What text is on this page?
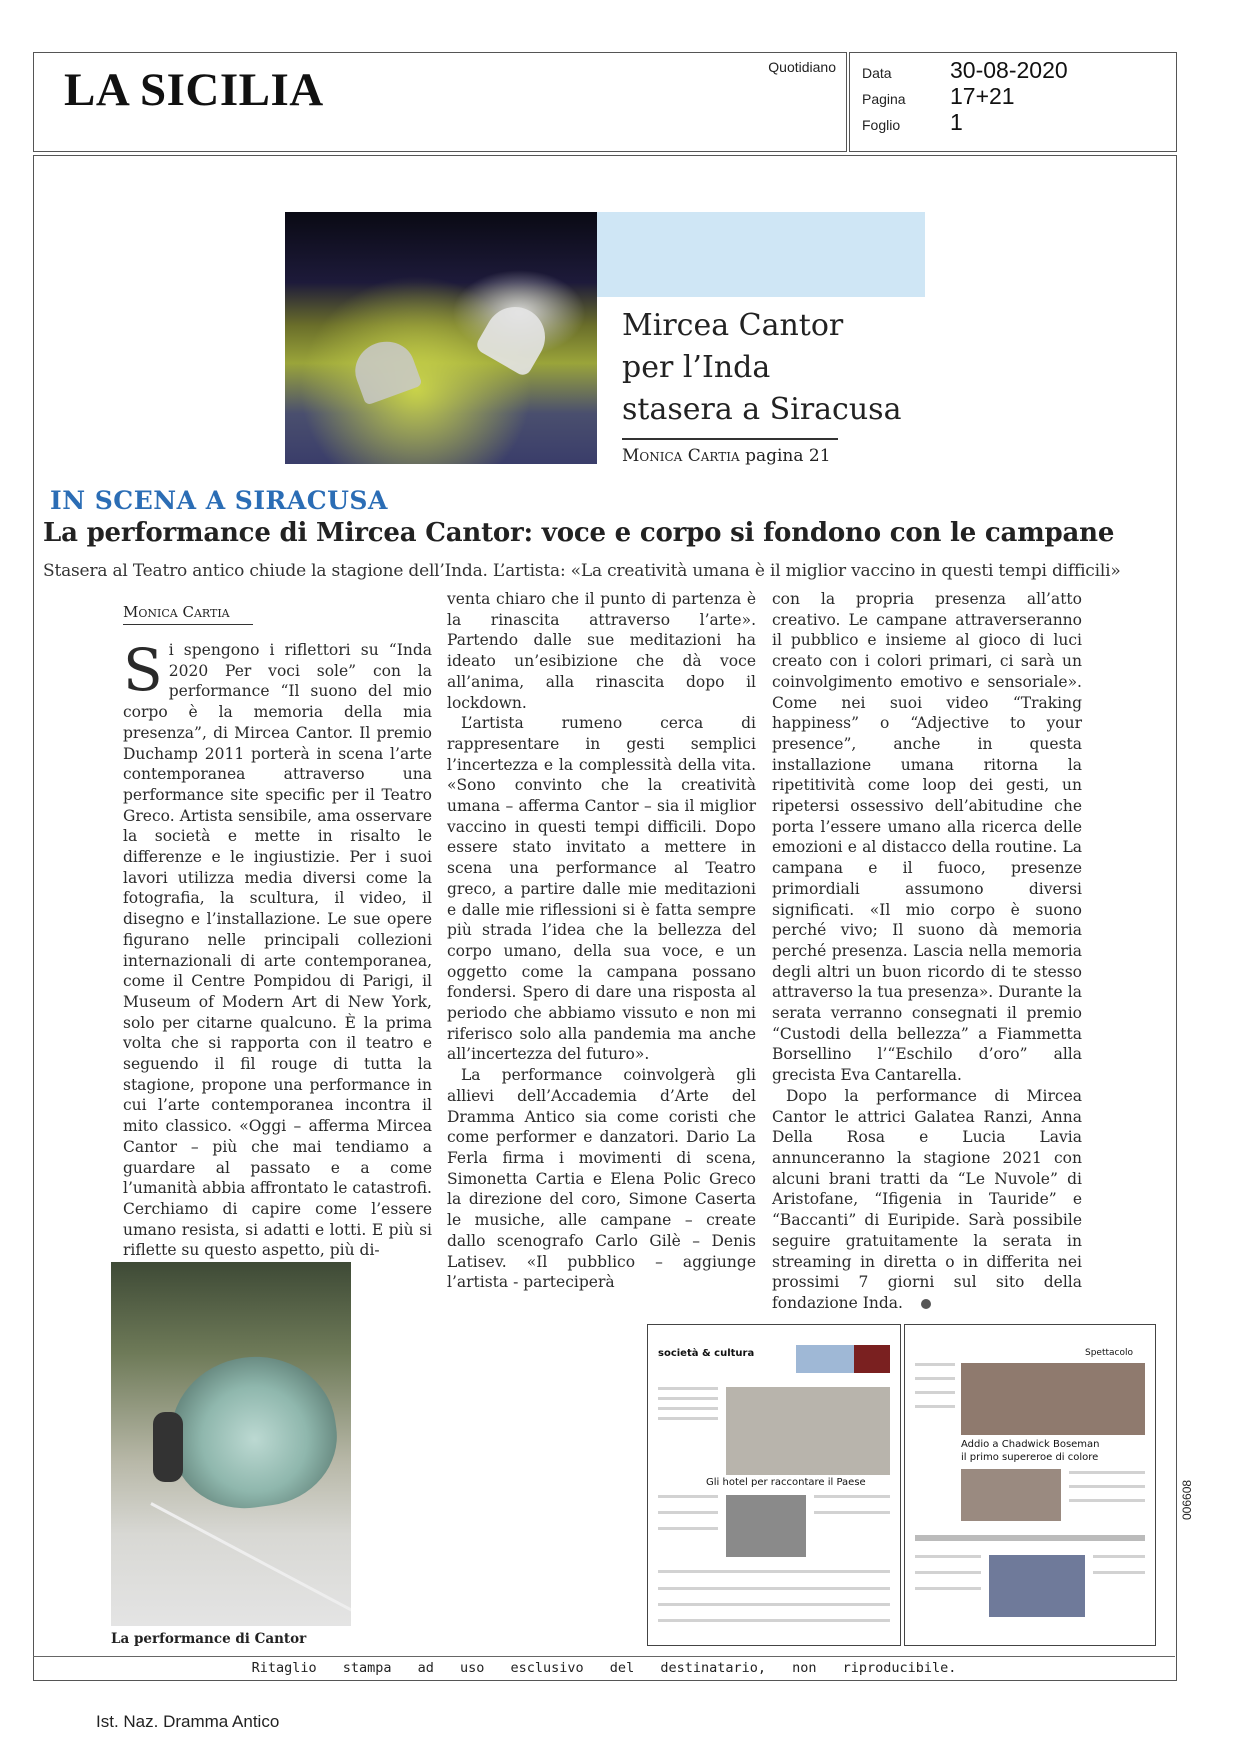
LA SICILIA	Quotidiano Data	30-08-2020
Pagina 17+21
Foglio 1
Mircea Cantor
per l’Inda
stasera a Siracusa
Monica Cartia pagina 21
IN SCENA A SIRACUSA
La performance di Mircea Cantor: voce e corpo si fondono con le campane
Stasera al Teatro antico chiude la stagione dell’Inda. L’artista: «La creatività umana è il miglior vaccino in questi tempi difficili»
Monica Cartia

Si spengono i riflettori su “Inda 2020 Per voci sole” con la performance “Il suono del mio corpo è la memoria della mia presenza”, di Mircea Cantor. Il premio Duchamp 2011 porterà in scena l’arte contemporanea attraverso una performance site specific per il Teatro Greco. Artista sensibile, ama osservare la società e mette in risalto le differenze e le ingiustizie. Per i suoi lavori utilizza media diversi come la fotografia, la scultura, il video, il disegno e l’installazione. Le sue opere figurano nelle principali collezioni internazionali di arte contemporanea, come il Centre Pompidou di Parigi, il Museum of Modern Art di New York, solo per citarne qualcuno. È la prima volta che si rapporta con il teatro e seguendo il fil rouge di tutta la stagione, propone una performance in cui l’arte contemporanea incontra il mito classico. «Oggi – afferma Mircea Cantor – più che mai tendiamo a guardare al passato e a come l’umanità abbia affrontato le catastrofi. Cerchiamo di capire come l’essere umano resista, si adatti e lotti. E più si riflette su questo aspetto, più di-

venta chiaro che il punto di partenza è la rinascita attraverso l’arte». Partendo dalle sue meditazioni ha ideato un’esibizione che dà voce all’anima, alla rinascita dopo il lockdown.

L’artista rumeno cerca di rappresentare in gesti semplici l’incertezza e la complessità della vita. «Sono convinto che la creatività umana – afferma Cantor – sia il miglior vaccino in questi tempi difficili. Dopo essere stato invitato a mettere in scena una performance al Teatro greco, a partire dalle mie meditazioni e dalle mie riflessioni si è fatta sempre più strada l’idea che la bellezza del corpo umano, della sua voce, e un oggetto come la campana possano fondersi. Spero di dare una risposta al periodo che abbiamo vissuto e non mi riferisco solo alla pandemia ma anche all’incertezza del futuro».

La performance coinvolgerà gli allievi dell’Accademia d’Arte del Dramma Antico sia come coristi che come performer e danzatori. Dario La Ferla firma i movimenti di scena, Simonetta Cartia e Elena Polic Greco la direzione del coro, Simone Caserta le musiche, alle campane – create dallo scenografo Carlo Gilè – Denis Latisev. «Il pubblico – aggiunge l’artista - parteciperà

con la propria presenza all’atto creativo. Le campane attraverseranno il pubblico e insieme al gioco di luci creato con i colori primari, ci sarà un coinvolgimento emotivo e sensoriale». Come nei suoi video “Traking happiness” o “Adjective to your presence”, anche in questa installazione umana ritorna la ripetitività come loop dei gesti, un ripetersi ossessivo dell’abitudine che porta l’essere umano alla ricerca delle emozioni e al distacco della routine. La campana e il fuoco, presenze primordiali assumono diversi significati. «Il mio corpo è suono perché vivo; Il suono dà memoria perché presenza. Lascia nella memoria degli altri un buon ricordo di te stesso attraverso la tua presenza». Durante la serata verranno consegnati il premio “Custodi della bellezza” a Fiammetta Borsellino l’“Eschilo d’oro” alla grecista Eva Cantarella.

Dopo la performance di Mircea Cantor le attrici Galatea Ranzi, Anna Della Rosa e Lucia Lavia annunceranno la stagione 2021 con alcuni brani tratti da “Le Nuvole” di Aristofane, “Ifigenia in Tauride” e “Baccanti” di Euripide. Sarà possibile seguire gratuitamente la serata in streaming in diretta o in differita nei prossimi 7 giorni sul sito della fondazione Inda.

La performance di Cantor
società & cultura
Gli hotel per raccontare il Paese
Spettacolo
Addio a Chadwick Boseman
il primo supereroe di colore
Ritaglio stampa ad uso esclusivo del destinatario, non riproducibile.
006608
Ist. Naz. Dramma Antico
